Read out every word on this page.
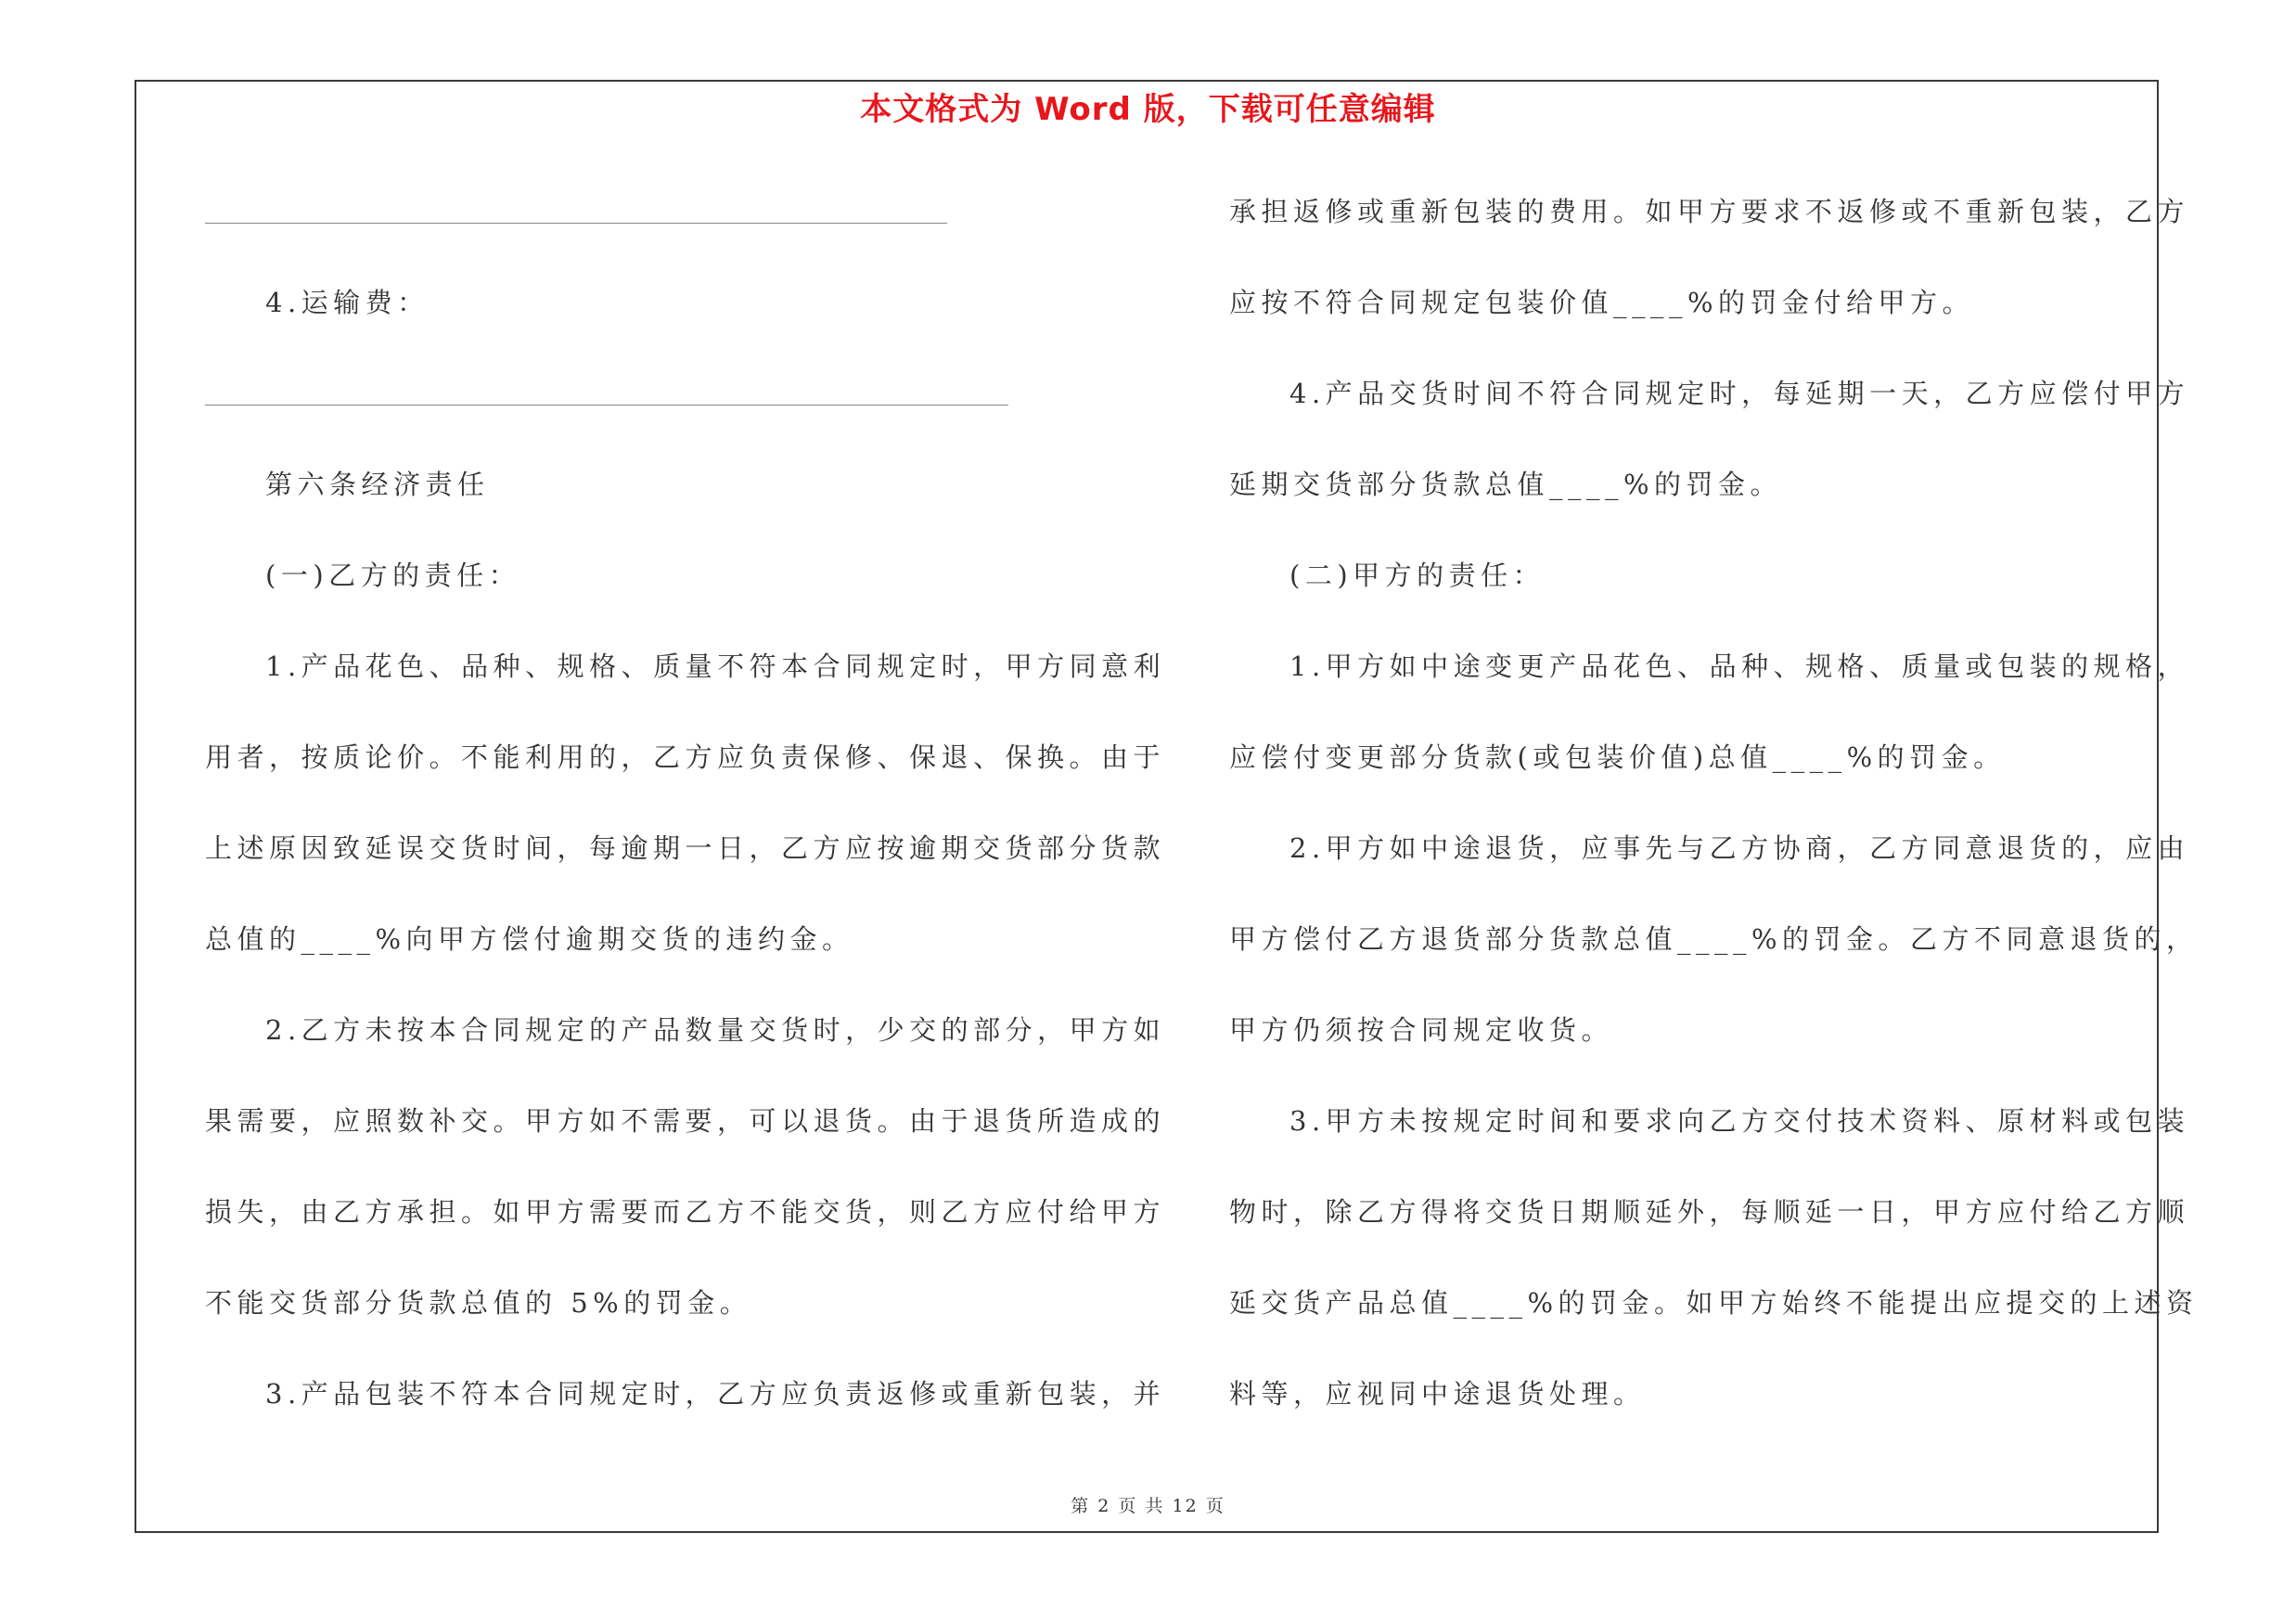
本文格式为 Word 版，下载可任意编辑
4.运输费：
第六条经济责任
(一)乙方的责任：
1.产品花色、品种、规格、质量不符本合同规定时，甲方同意利
用者，按质论价。不能利用的，乙方应负责保修、保退、保换。由于
上述原因致延误交货时间，每逾期一日，乙方应按逾期交货部分货款
总值的____%向甲方偿付逾期交货的违约金。
2.乙方未按本合同规定的产品数量交货时，少交的部分，甲方如
果需要，应照数补交。甲方如不需要，可以退货。由于退货所造成的
损失，由乙方承担。如甲方需要而乙方不能交货，则乙方应付给甲方
不能交货部分货款总值的 5%的罚金。
3.产品包装不符本合同规定时，乙方应负责返修或重新包装，并
承担返修或重新包装的费用。如甲方要求不返修或不重新包装，乙方
应按不符合同规定包装价值____%的罚金付给甲方。
4.产品交货时间不符合同规定时，每延期一天，乙方应偿付甲方
延期交货部分货款总值____%的罚金。
(二)甲方的责任：
1.甲方如中途变更产品花色、品种、规格、质量或包装的规格，
应偿付变更部分货款(或包装价值)总值____%的罚金。
2.甲方如中途退货，应事先与乙方协商，乙方同意退货的，应由
甲方偿付乙方退货部分货款总值____%的罚金。乙方不同意退货的，
甲方仍须按合同规定收货。
3.甲方未按规定时间和要求向乙方交付技术资料、原材料或包装
物时，除乙方得将交货日期顺延外，每顺延一日，甲方应付给乙方顺
延交货产品总值____%的罚金。如甲方始终不能提出应提交的上述资
料等，应视同中途退货处理。
第 2 页 共 12 页
